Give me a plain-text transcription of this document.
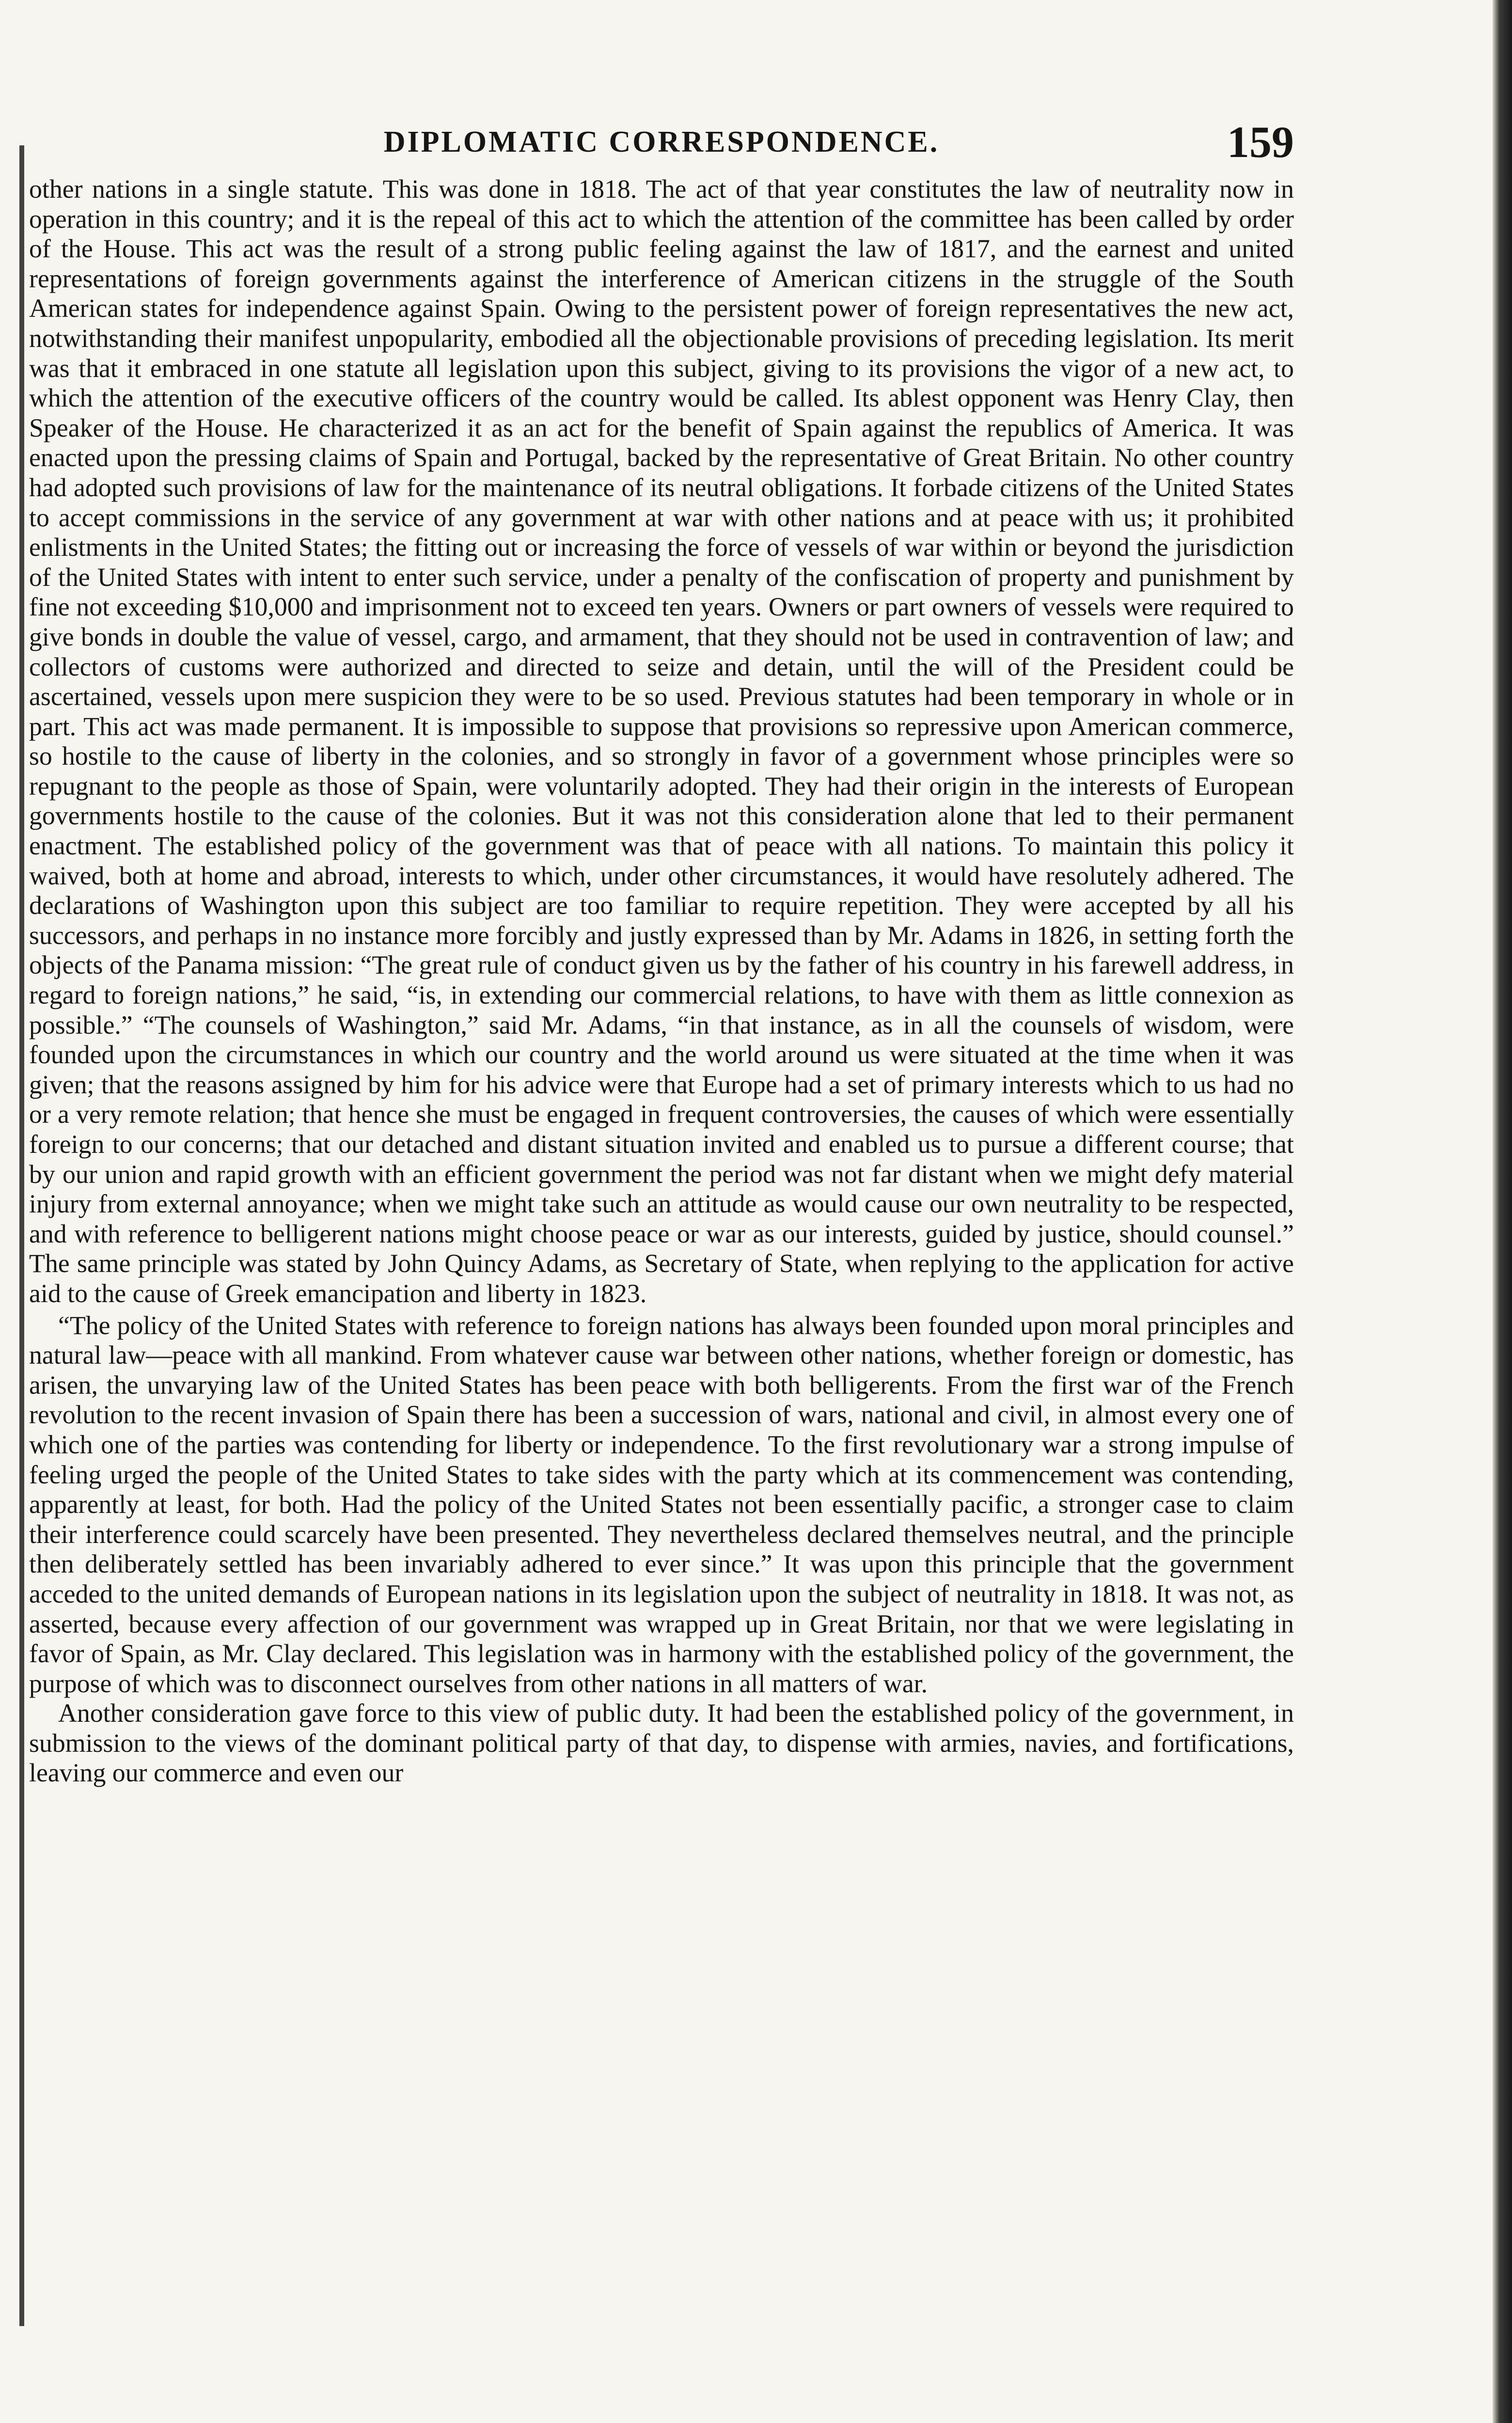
DIPLOMATIC CORRESPONDENCE.	159

other nations in a single statute. This was done in 1818. The act of that year constitutes the law of neutrality now in operation in this country; and it is the repeal of this act to which the attention of the committee has been called by order of the House. This act was the result of a strong public feeling against the law of 1817, and the earnest and united representations of foreign governments against the interference of American citizens in the struggle of the South American states for independence against Spain. Owing to the persistent power of foreign representatives the new act, notwithstanding their manifest unpopularity, embodied all the objectionable provisions of preceding legislation. Its merit was that it embraced in one statute all legislation upon this subject, giving to its provisions the vigor of a new act, to which the attention of the executive officers of the country would be called. Its ablest opponent was Henry Clay, then Speaker of the House. He characterized it as an act for the benefit of Spain against the republics of America. It was enacted upon the pressing claims of Spain and Portugal, backed by the representative of Great Britain. No other country had adopted such provisions of law for the maintenance of its neutral obligations. It forbade citizens of the United States to accept commissions in the service of any government at war with other nations and at peace with us; it prohibited enlistments in the United States; the fitting out or increasing the force of vessels of war within or beyond the jurisdiction of the United States with intent to enter such service, under a penalty of the confiscation of property and punishment by fine not exceeding $10,000 and imprisonment not to exceed ten years. Owners or part owners of vessels were required to give bonds in double the value of vessel, cargo, and armament, that they should not be used in contravention of law; and collectors of customs were authorized and directed to seize and detain, until the will of the President could be ascertained, vessels upon mere suspicion they were to be so used. Previous statutes had been temporary in whole or in part. This act was made permanent. It is impossible to suppose that provisions so repressive upon American commerce, so hostile to the cause of liberty in the colonies, and so strongly in favor of a government whose principles were so repugnant to the people as those of Spain, were voluntarily adopted. They had their origin in the interests of European governments hostile to the cause of the colonies. But it was not this consideration alone that led to their permanent enactment. The established policy of the government was that of peace with all nations. To maintain this policy it waived, both at home and abroad, interests to which, under other circumstances, it would have resolutely adhered. The declarations of Washington upon this subject are too familiar to require repetition. They were accepted by all his successors, and perhaps in no instance more forcibly and justly expressed than by Mr. Adams in 1826, in setting forth the objects of the Panama mission: “The great rule of conduct given us by the father of his country in his farewell address, in regard to foreign nations,” he said, “is, in extending our commercial relations, to have with them as little connexion as possible.” “The counsels of Washington,” said Mr. Adams, “in that instance, as in all the counsels of wisdom, were founded upon the circumstances in which our country and the world around us were situated at the time when it was given; that the reasons assigned by him for his advice were that Europe had a set of primary interests which to us had no or a very remote relation; that hence she must be engaged in frequent controversies, the causes of which were essentially foreign to our concerns; that our detached and distant situation invited and enabled us to pursue a different course; that by our union and rapid growth with an efficient government the period was not far distant when we might defy material injury from external annoyance; when we might take such an attitude as would cause our own neutrality to be respected, and with reference to belligerent nations might choose peace or war as our interests, guided by justice, should counsel.” The same principle was stated by John Quincy Adams, as Secretary of State, when replying to the application for active aid to the cause of Greek emancipation and liberty in 1823.

“The policy of the United States with reference to foreign nations has always been founded upon moral principles and natural law—peace with all mankind. From whatever cause war between other nations, whether foreign or domestic, has arisen, the unvarying law of the United States has been peace with both belligerents. From the first war of the French revolution to the recent invasion of Spain there has been a succession of wars, national and civil, in almost every one of which one of the parties was contending for liberty or independence. To the first revolutionary war a strong impulse of feeling urged the people of the United States to take sides with the party which at its commencement was contending, apparently at least, for both. Had the policy of the United States not been essentially pacific, a stronger case to claim their interference could scarcely have been presented. They nevertheless declared themselves neutral, and the principle then deliberately settled has been invariably adhered to ever since.” It was upon this principle that the government acceded to the united demands of European nations in its legislation upon the subject of neutrality in 1818. It was not, as asserted, because every affection of our government was wrapped up in Great Britain, nor that we were legislating in favor of Spain, as Mr. Clay declared. This legislation was in harmony with the established policy of the government, the purpose of which was to disconnect ourselves from other nations in all matters of war.

Another consideration gave force to this view of public duty. It had been the established policy of the government, in submission to the views of the dominant political party of that day, to dispense with armies, navies, and fortifications, leaving our commerce and even our
